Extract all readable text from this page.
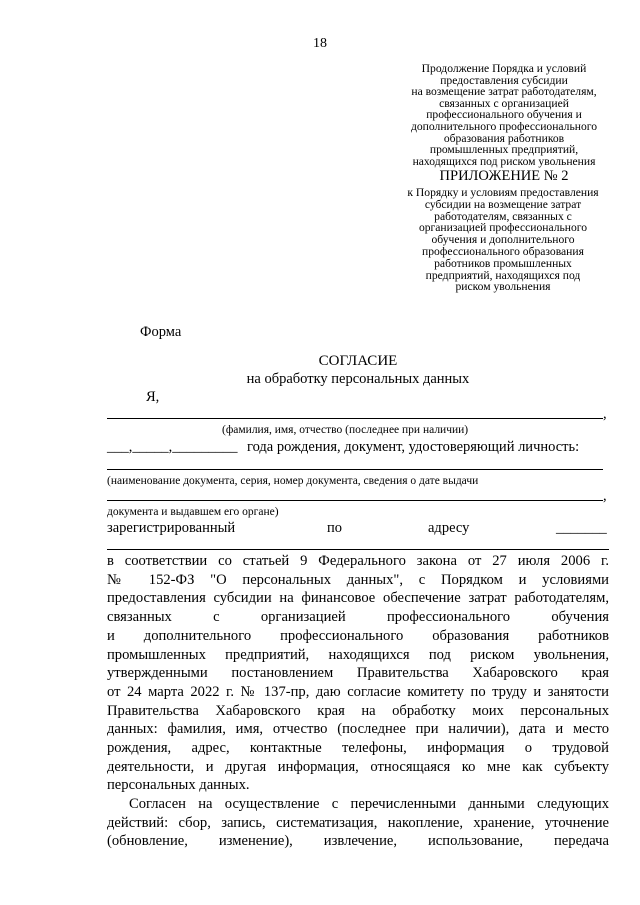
18
Продолжение Порядка и условий
предоставления субсидии
на возмещение затрат работодателям,
связанных с организацией
профессионального обучения и
дополнительного профессионального
образования работников
промышленных предприятий,
находящихся под риском увольнения
ПРИЛОЖЕНИЕ № 2
к Порядку и условиям предоставления
субсидии на возмещение затрат
работодателям, связанных с
организацией профессионального
обучения и дополнительного
профессионального образования
работников промышленных
предприятий, находящихся под
риском увольнения
Форма
СОГЛАСИЕ
на обработку персональных данных
Я,
,
(фамилия, имя, отчество (последнее при наличии)
___,_____,_________ года рождения, документ, удостоверяющий личность:
(наименование документа, серия, номер документа, сведения о дате выдачи
,
документа и выдавшем его органе)
зарегистрированный	по	адресу	_______
в соответствии со статьей 9 Федерального закона от 27 июля 2006 г.
№ 152-ФЗ "О персональных данных", с Порядком и условиями
предоставления субсидии на финансовое обеспечение затрат работодателям,
связанных с организацией профессионального обучения
и дополнительного профессионального образования работников
промышленных предприятий, находящихся под риском увольнения,
утвержденными постановлением Правительства Хабаровского края
от 24 марта 2022 г. № 137-пр, даю согласие комитету по труду и занятости
Правительства Хабаровского края на обработку моих персональных
данных: фамилия, имя, отчество (последнее при наличии), дата и место
рождения, адрес, контактные телефоны, информация о трудовой
деятельности, и другая информация, относящаяся ко мне как субъекту
персональных данных.
Согласен на осуществление с перечисленными данными следующих
действий: сбор, запись, систематизация, накопление, хранение, уточнение
(обновление, изменение), извлечение, использование, передача
